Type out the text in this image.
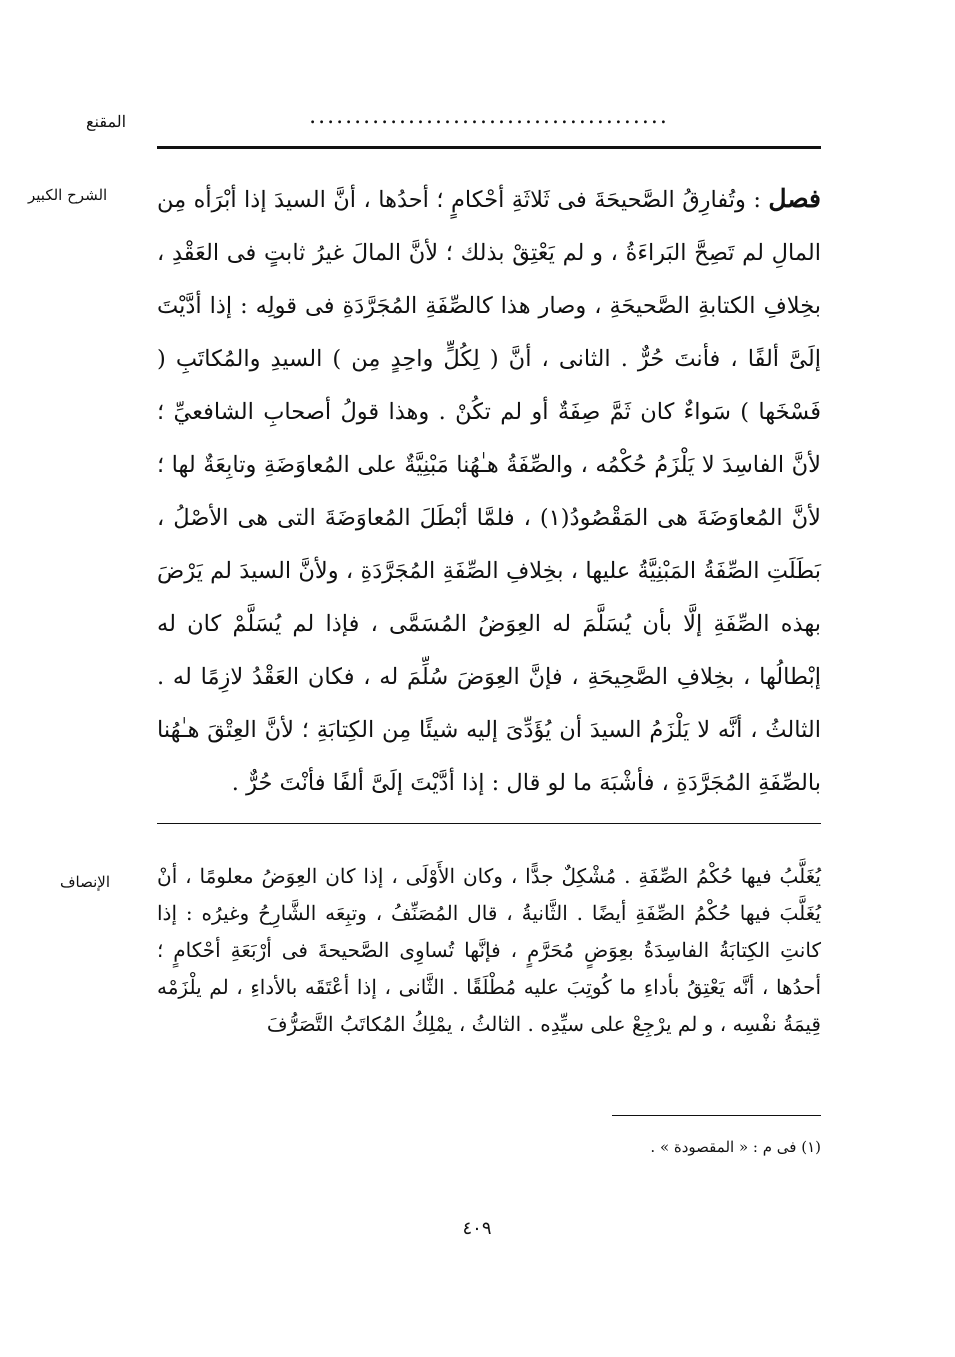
المقنع	........................................
الشرح الكبير	فصل : وتُفارِقُ الصَّحيحَةَ فى ثَلاثَةِ أحْكامٍ ؛ أحدُها ، أنَّ السيدَ إذا أبْرَأه مِن المالِ لم تَصِحَّ البَراءَةُ ، و لم يَعْتِقْ بذلك ؛ لأنَّ المالَ غيرُ ثابتٍ فى العَقْدِ ، بخِلافِ الكتابةِ الصَّحيحَةِ ، وصار هذا كالصِّفَةِ المُجَرَّدَةِ فى قولِه : إذا أدَّيْتَ إلَىَّ ألفًا ، فأنتَ حُرٌّ . الثانى ، أنَّ ( لِكُلٍّ واحِدٍ مِن ) السيدِ والمُكاتَبِ ( فَسْخَها ) سَواءٌ كان ثَمَّ صِفَةٌ أو لم تكُنْ . وهذا قولُ أصحابِ الشافعيِّ ؛ لأنَّ الفاسِدَ لا يَلْزَمُ حُكْمُه ، والصِّفَةُ هـٰهُنا مَبْنِيَّةٌ على المُعاوَضَةِ وتابِعَةٌ لها ؛ لأنَّ المُعاوَضَةَ هى المَقْصُودُ(١) ، فلمَّا أبْطَلَ المُعاوَضَةَ التى هى الأصْلُ ، بَطَلَتِ الصِّفَةُ المَبْنِيَّةُ عليها ، بخِلافِ الصِّفَةِ المُجَرَّدَةِ ، ولأنَّ السيدَ لم يَرْضَ بهذه الصِّفَةِ إلَّا بأن يُسَلَّمَ له العِوَضُ المُسَمَّى ، فإذا لم يُسَلَّمْ كان له إبْطالُها ، بخِلافِ الصَّحِيحَةِ ، فإنَّ العِوَضَ سُلِّمَ له ، فكان العَقْدُ لازِمًا له . الثالثُ ، أنَّه لا يَلْزَمُ السيدَ أن يُؤَدِّىَ إليه شيئًا مِن الكِتابَةِ ؛ لأنَّ العِتْقَ هـٰهُنا بالصِّفَةِ المُجَرَّدَةِ ، فأشْبَهَ ما لو قال : إذا أدَّيْتَ إلَىَّ ألفًا فأنْتَ حُرٌّ .

الإنصاف	يُغَلَّبُ فيها حُكْمُ الصِّفَةِ . مُشْكِلٌ جدًّا ، وكان الأَوْلَى ، إذا كان العِوَضُ معلومًا ، أنْ يُغَلَّبَ فيها حُكْمُ الصِّفَةِ أيضًا . الثَّانيةُ ، قال المُصَنِّفُ ، وتبِعَه الشَّارِحُ وغيرُه : إذا كانتِ الكِتابَةُ الفاسِدَةُ بعِوَضٍ مُحَرَّمٍ ، فإنَّها تُساوِى الصَّحيحةَ فى أرْبَعَةِ أحْكامٍ ؛ أحدُها ، أنَّه يَعْتِقُ بأداءِ ما كُوتِبَ عليه مُطْلَقًا . الثَّانى ، إذا أعْتَقَه بالأداءِ ، لم يلْزَمْه قِيمَةُ نفْسِه ، و لم يرْجِعْ على سيِّدِه . الثالثُ ، يمْلِكُ المُكاتَبُ التَّصَرُّفَ

(١) فى م : « المقصودة » .

٤٠٩
